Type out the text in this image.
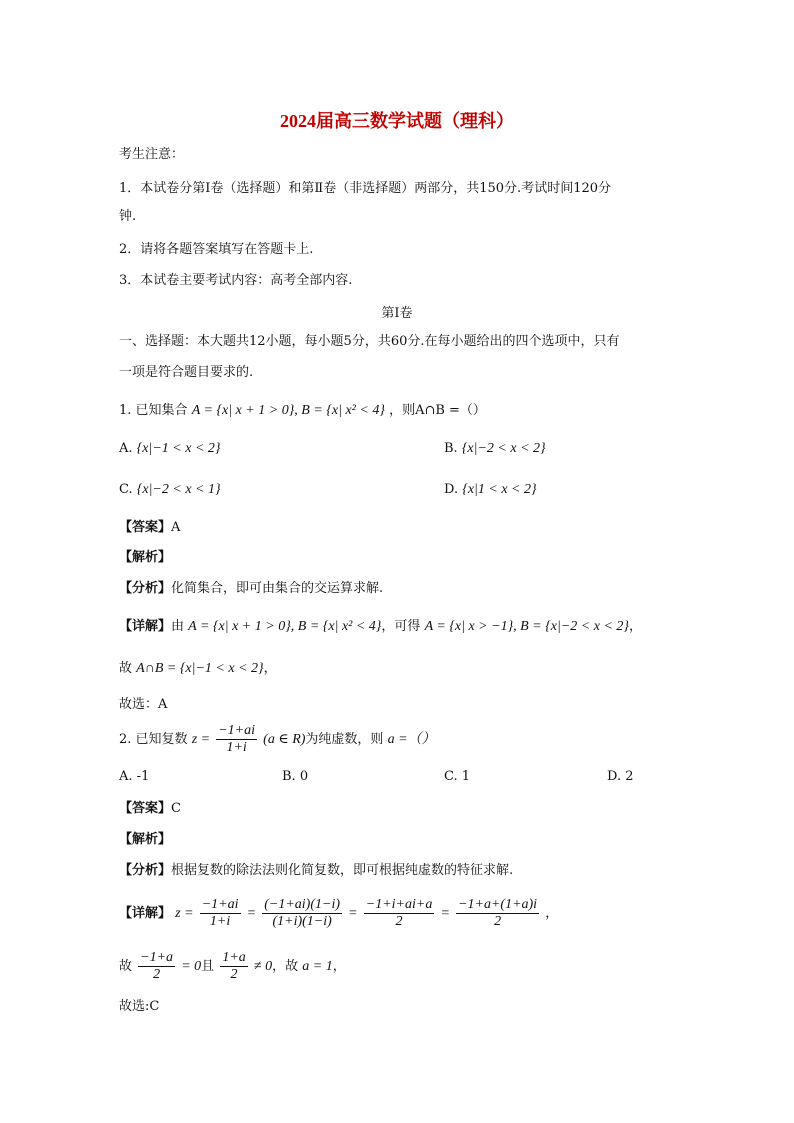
2024届高三数学试题（理科）
考生注意：
1．本试卷分第Ⅰ卷（选择题）和第Ⅱ卷（非选择题）两部分，共150分.考试时间120分
钟.
2．请将各题答案填写在答题卡上.
3．本试卷主要考试内容：高考全部内容.
第Ⅰ卷
一、选择题：本大题共12小题，每小题5分，共60分.在每小题给出的四个选项中，只有
一项是符合题目要求的.
1. 已知集合 A = {x| x + 1 > 0}, B = {x| x² < 4} ，则A∩B =（）
A. {x|−1 < x < 2}	B. {x|−2 < x < 2}
C. {x|−2 < x < 1}	D. {x|1 < x < 2}
【答案】A
【解析】
【分析】化简集合，即可由集合的交运算求解.
【详解】由 A = {x| x + 1 > 0}, B = {x| x² < 4}，可得 A = {x| x > −1}, B = {x|−2 < x < 2}，
故 A∩B = {x|−1 < x < 2}，
故选：A
2. 已知复数 $z = \frac{-1+ai}{1+i} (a$ ∈ R)为纯虚数，则 a =（）
A. -1	B. 0	C. 1	D. 2
【答案】C
【解析】
【分析】根据复数的除法法则化简复数，即可根据纯虚数的特征求解.
【详解】 $z = \frac{-1+ai}{1+i} = \frac{(-1+ai)(1-i)}{(1+i)(1-i)} = \frac{-1+i+ai+a}{2} = \frac{-1+a+(1+a)i}{2}$ ，
故 $\frac{-1+a}{2} = 0$且 $\frac{1+a}{2} \ne 0$，故 a = 1，
故选:C
